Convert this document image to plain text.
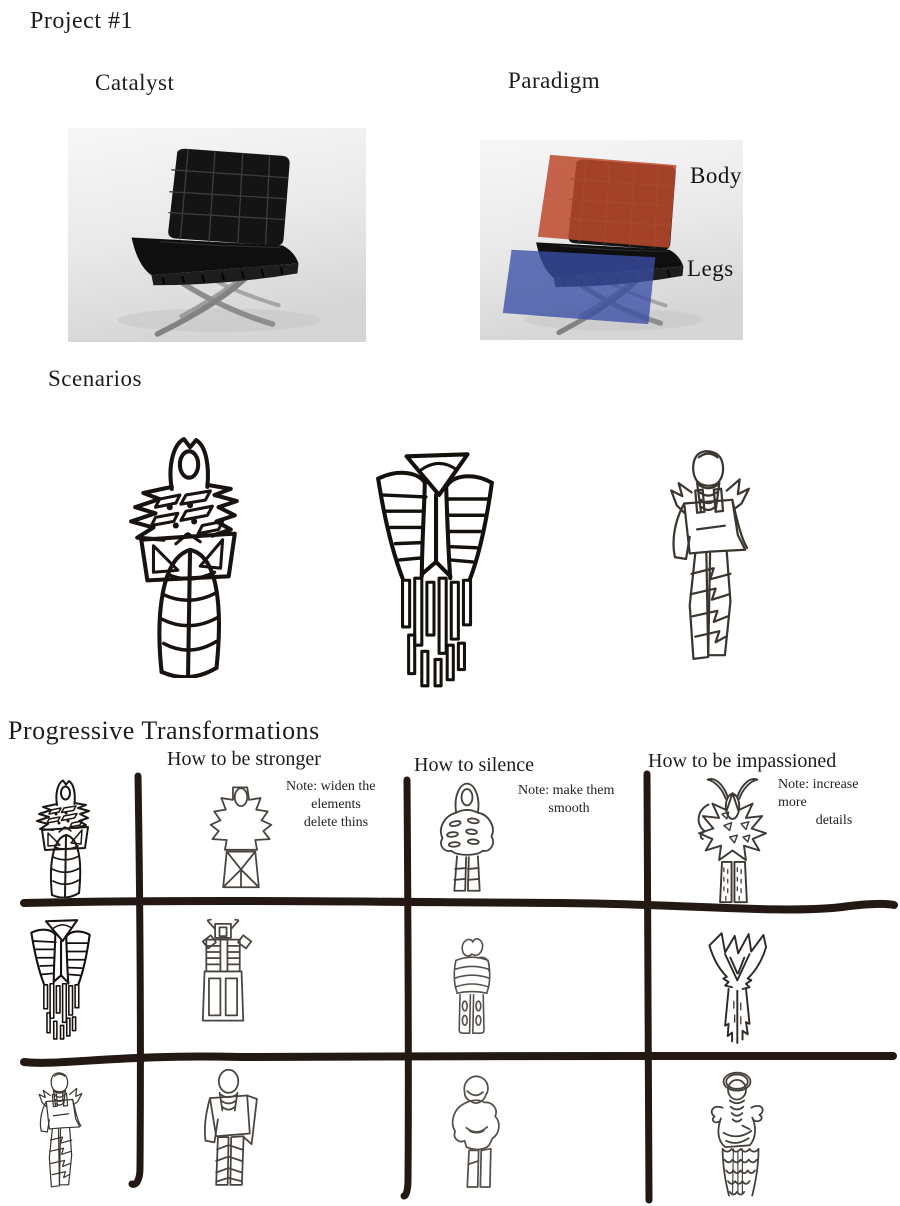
Project #1
Catalyst	Paradigm
Body
Legs
Scenarios
Progressive Transformations
How to be stronger	How to silence	How to be impassioned
Note: widen the
elements
delete thins
Note: make them
smooth
Note: increase more
details
